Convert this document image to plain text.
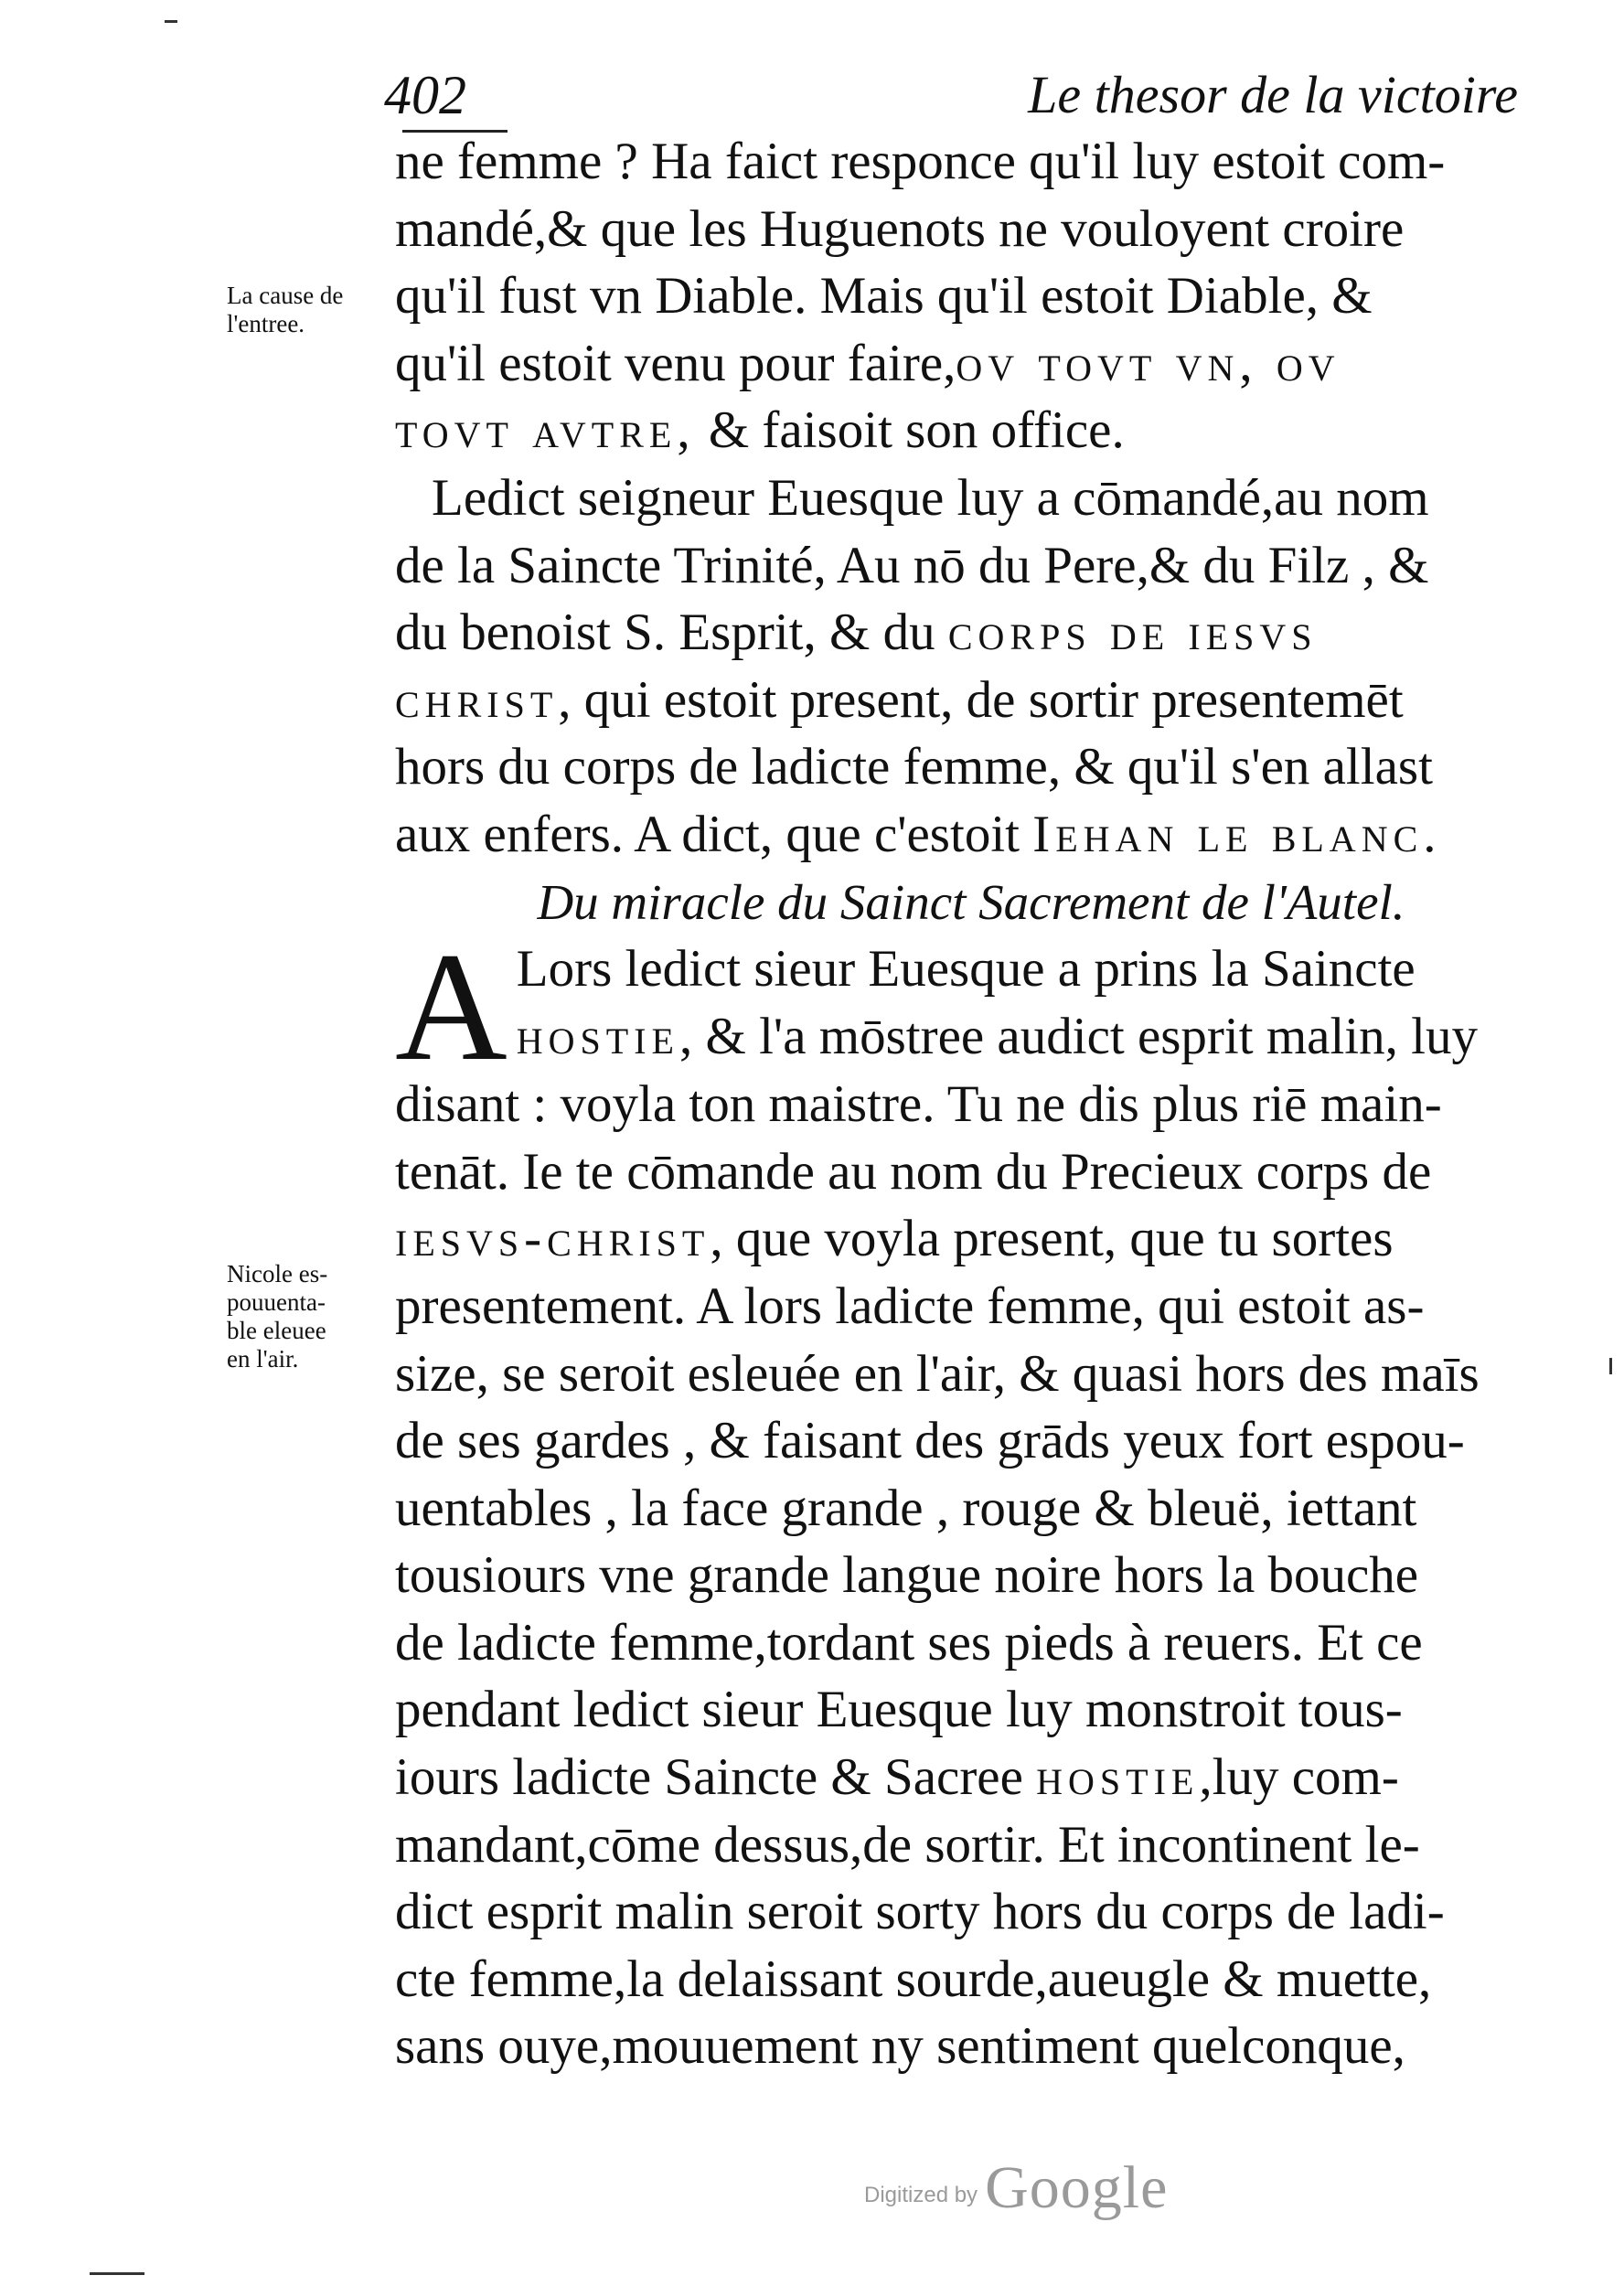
402	Le thesor de la victoire
La cause de
l'entree.
Nicole es-
pouuenta-
ble eleuee
en l'air.
ne femme ? Ha faict responce qu'il luy estoit com-
mandé,& que les Huguenots ne vouloyent croire
qu'il fust vn Diable. Mais qu'il estoit Diable, &
qu'il estoit venu pour faire,ov tovt vn, ov
tovt avtre, & faisoit son office.
Ledict seigneur Euesque luy a cōmandé,au nom
de la Saincte Trinité, Au nō du Pere,& du Filz , &
du benoist S. Esprit, & du corps de iesvs
christ, qui estoit present, de sortir presentemēt
hors du corps de ladicte femme, & qu'il s'en allast
aux enfers. A dict, que c'estoit Iehan le blanc.
Du miracle du Sainct Sacrement de l'Autel.
A Lors ledict sieur Euesque a prins la Saincte
hostie, & l'a mōstree audict esprit malin, luy
disant : voyla ton maistre. Tu ne dis plus riē main-
tenāt. Ie te cōmande au nom du Precieux corps de
iesvs-christ, que voyla present, que tu sortes
presentement. A lors ladicte femme, qui estoit as-
size, se seroit esleuée en l'air, & quasi hors des maīs
de ses gardes , & faisant des grāds yeux fort espou-
uentables , la face grande , rouge & bleuë, iettant
tousiours vne grande langue noire hors la bouche
de ladicte femme,tordant ses pieds à reuers. Et ce
pendant ledict sieur Euesque luy monstroit tous-
iours ladicte Saincte & Sacree hostie,luy com-
mandant,cōme dessus,de sortir. Et incontinent le-
dict esprit malin seroit sorty hors du corps de ladi-
cte femme,la delaissant sourde,aueugle & muette,
sans ouye,mouuement ny sentiment quelconque,
Digitized by Google
